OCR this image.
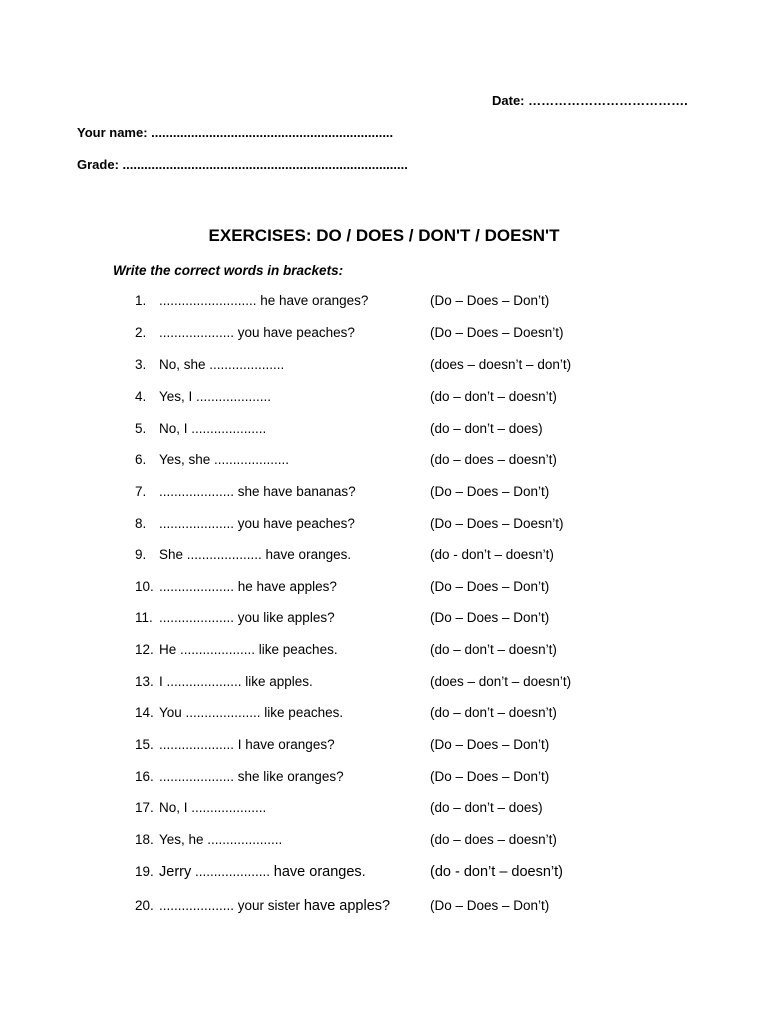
Date: ……………………………….
Your name: ...................................................................
Grade: ...............................................................................
EXERCISES: DO / DOES / DON'T / DOESN'T
Write the correct words in brackets:
1. .......................... he have oranges?	(Do – Does – Don’t)
2. .................... you have peaches?	(Do – Does – Doesn’t)
3. No, she ....................	(does – doesn’t – don’t)
4. Yes, I ....................	(do – don’t – doesn’t)
5. No, I ....................	(do – don’t – does)
6. Yes, she ....................	(do – does – doesn’t)
7. .................... she have bananas?	(Do – Does – Don’t)
8. .................... you have peaches?	(Do – Does – Doesn’t)
9. She .................... have oranges.	(do - don’t – doesn’t)
10. .................... he have apples?	(Do – Does – Don’t)
11. .................... you like apples?	(Do – Does – Don’t)
12. He .................... like peaches.	(do – don’t – doesn’t)
13. I .................... like apples.	(does – don’t – doesn’t)
14. You .................... like peaches.	(do – don’t – doesn’t)
15. .................... I have oranges?	(Do – Does – Don’t)
16. .................... she like oranges?	(Do – Does – Don’t)
17. No, I ....................	(do – don’t – does)
18. Yes, he ....................	(do – does – doesn’t)
19. Jerry .................... have oranges.	(do - don’t – doesn’t)
20. .................... your sister have apples?	(Do – Does – Don’t)
